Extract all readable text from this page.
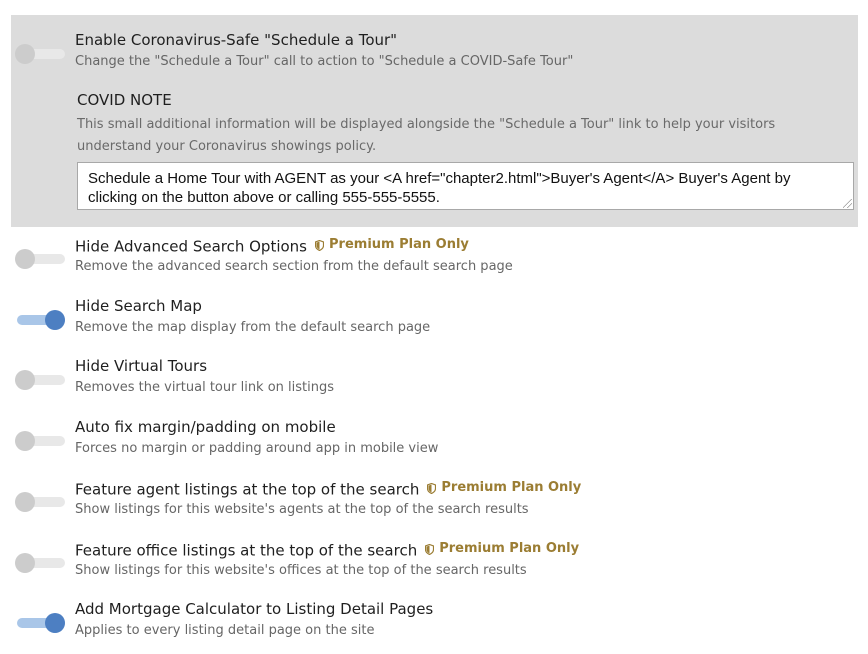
Enable Coronavirus-Safe "Schedule a Tour"
Change the "Schedule a Tour" call to action to "Schedule a COVID-Safe Tour"
COVID NOTE
This small additional information will be displayed alongside the "Schedule a Tour" link to help your visitors understand your Coronavirus showings policy.
Schedule a Home Tour with AGENT as your <A href="chapter2.html">Buyer's Agent</A> Buyer's Agent by clicking on the button above or calling 555-555-5555.
Hide Advanced Search Options Premium Plan Only
Remove the advanced search section from the default search page
Hide Search Map
Remove the map display from the default search page
Hide Virtual Tours
Removes the virtual tour link on listings
Auto fix margin/padding on mobile
Forces no margin or padding around app in mobile view
Feature agent listings at the top of the search Premium Plan Only
Show listings for this website's agents at the top of the search results
Feature office listings at the top of the search Premium Plan Only
Show listings for this website's offices at the top of the search results
Add Mortgage Calculator to Listing Detail Pages
Applies to every listing detail page on the site
